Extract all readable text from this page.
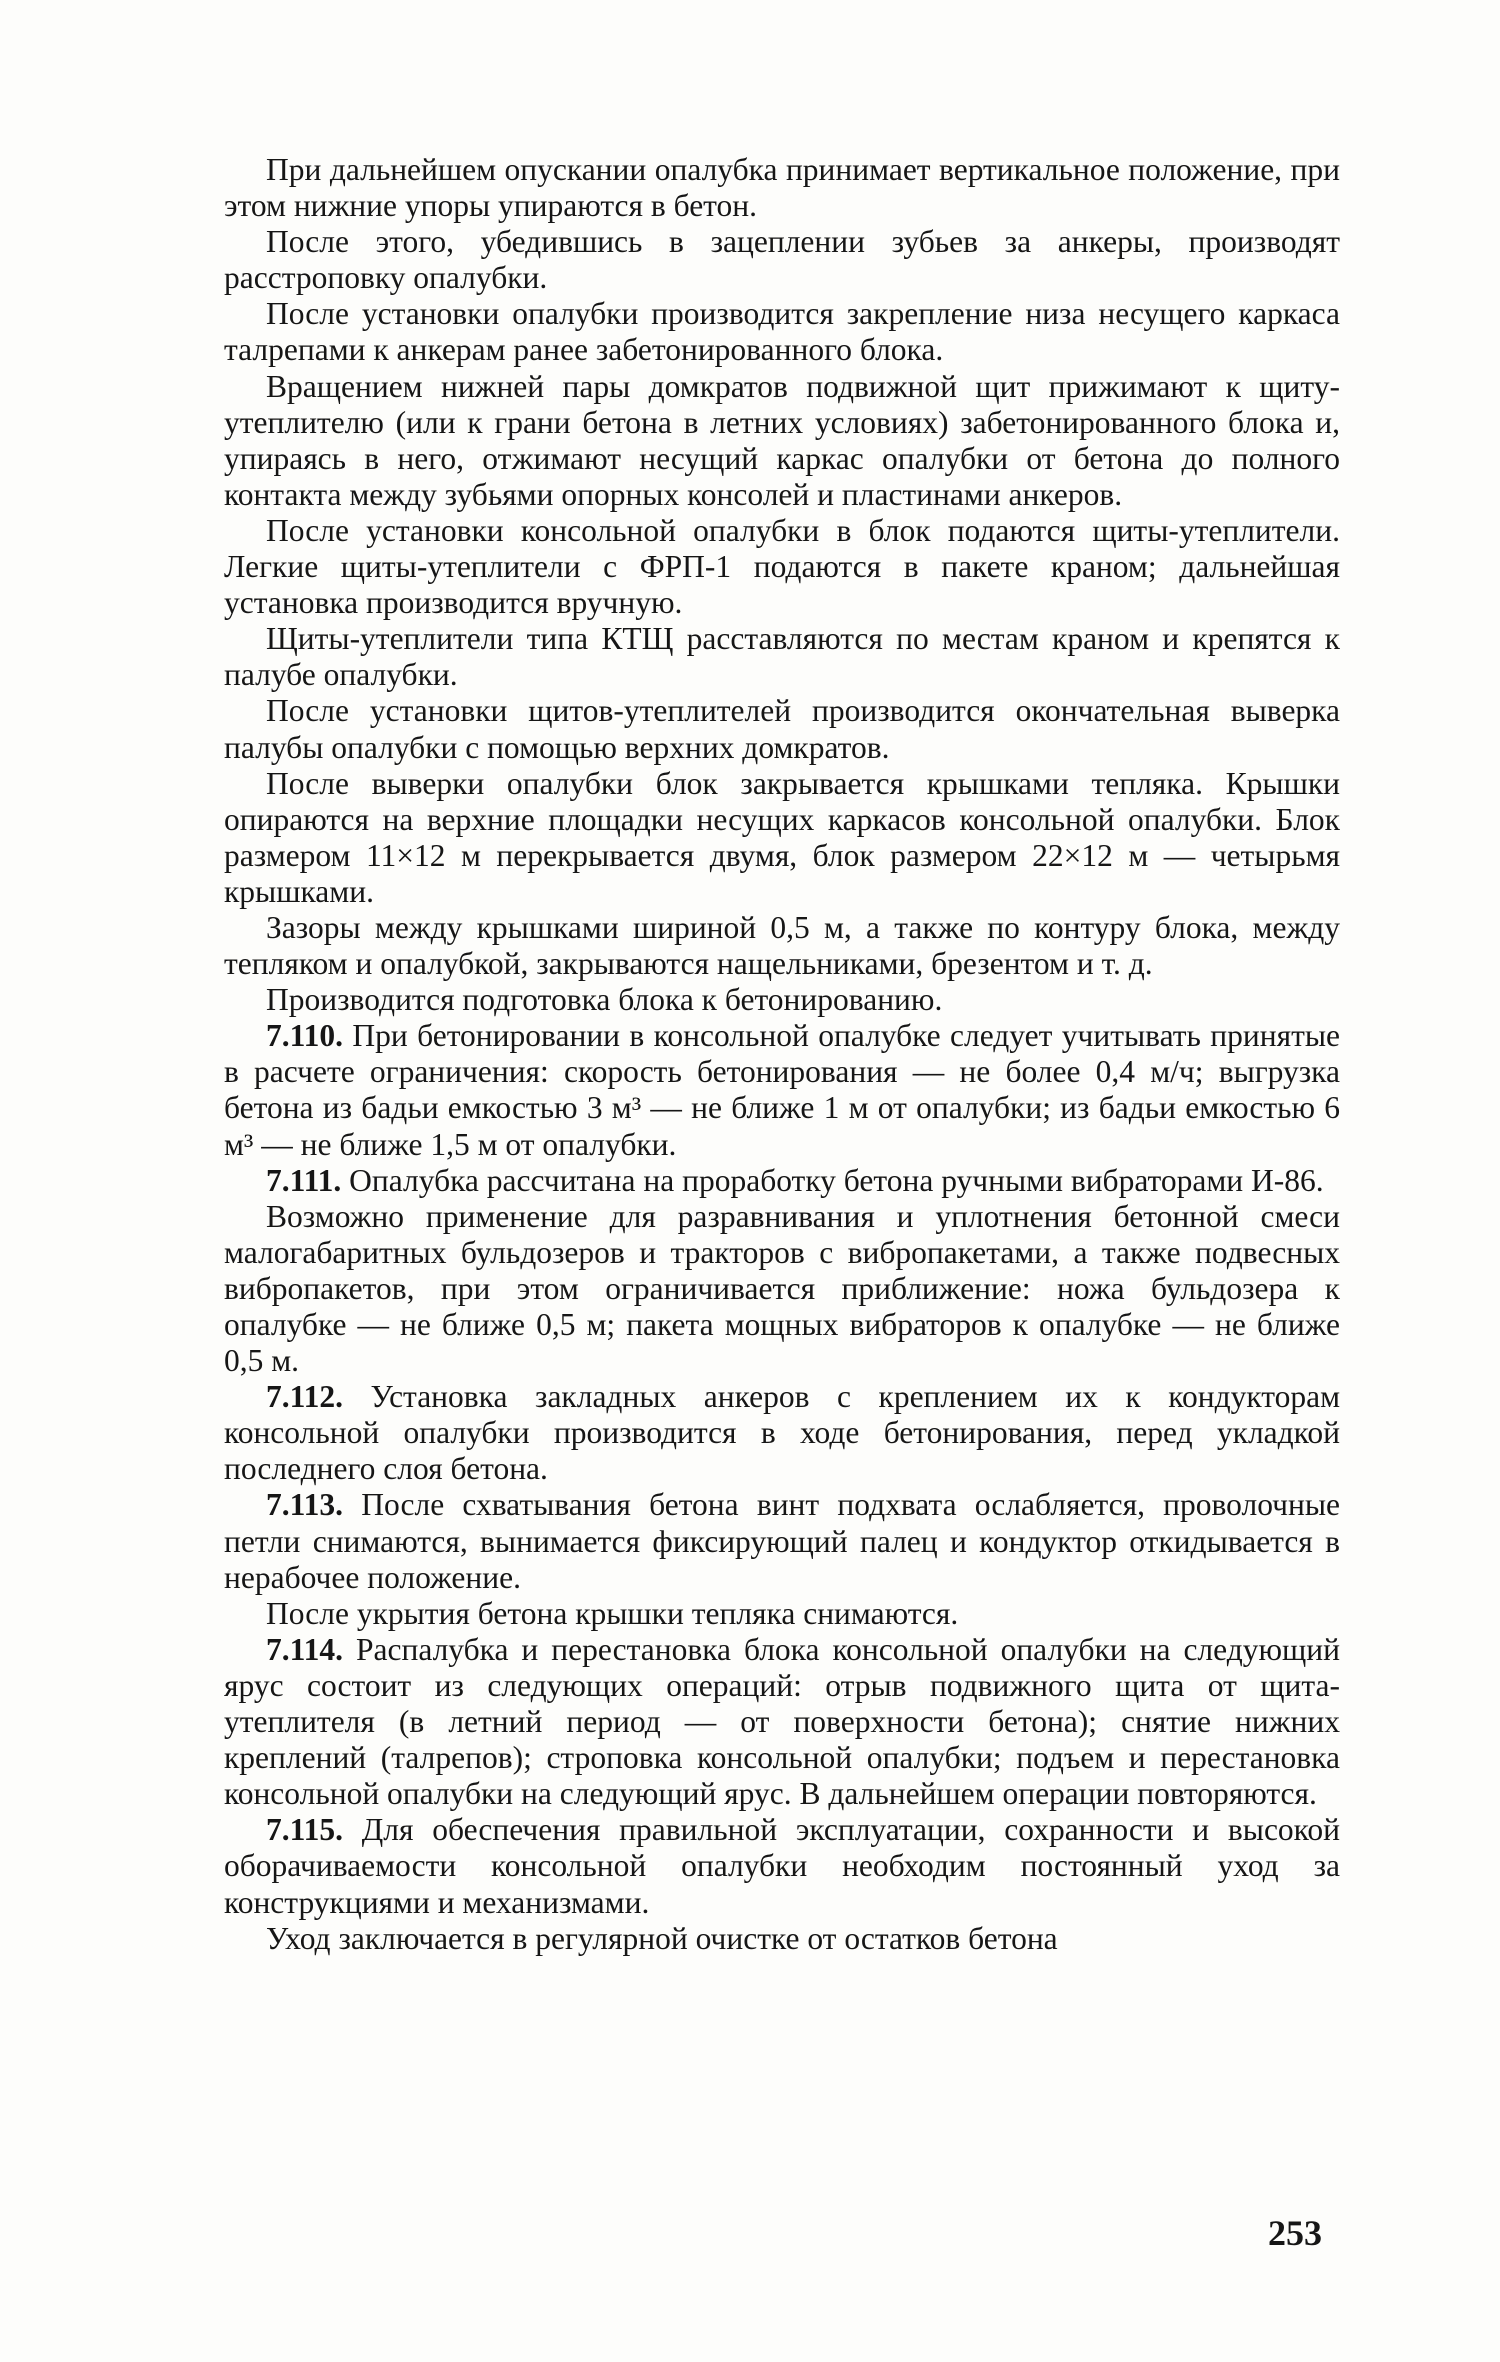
При дальнейшем опускании опалубка принимает вертикальное положение, при этом нижние упоры упираются в бетон.

После этого, убедившись в зацеплении зубьев за анкеры, производят расстроповку опалубки.

После установки опалубки производится закрепление низа несущего каркаса талрепами к анкерам ранее забетонированного блока.

Вращением нижней пары домкратов подвижной щит прижимают к щиту-утеплителю (или к грани бетона в летних условиях) забетонированного блока и, упираясь в него, отжимают несущий каркас опалубки от бетона до полного контакта между зубьями опорных консолей и пластинами анкеров.

После установки консольной опалубки в блок подаются щиты-утеплители. Легкие щиты-утеплители с ФРП-1 подаются в пакете краном; дальнейшая установка производится вручную.

Щиты-утеплители типа КТЩ расставляются по местам краном и крепятся к палубе опалубки.

После установки щитов-утеплителей производится окончательная выверка палубы опалубки с помощью верхних домкратов.

После выверки опалубки блок закрывается крышками тепляка. Крышки опираются на верхние площадки несущих каркасов консольной опалубки. Блок размером 11×12 м перекрывается двумя, блок размером 22×12 м — четырьмя крышками.

Зазоры между крышками шириной 0,5 м, а также по контуру блока, между тепляком и опалубкой, закрываются нащельниками, брезентом и т. д.

Производится подготовка блока к бетонированию.

7.110. При бетонировании в консольной опалубке следует учитывать принятые в расчете ограничения: скорость бетонирования — не более 0,4 м/ч; выгрузка бетона из бадьи емкостью 3 м³ — не ближе 1 м от опалубки; из бадьи емкостью 6 м³ — не ближе 1,5 м от опалубки.

7.111. Опалубка рассчитана на проработку бетона ручными вибраторами И-86.

Возможно применение для разравнивания и уплотнения бетонной смеси малогабаритных бульдозеров и тракторов с вибропакетами, а также подвесных вибропакетов, при этом ограничивается приближение: ножа бульдозера к опалубке — не ближе 0,5 м; пакета мощных вибраторов к опалубке — не ближе 0,5 м.

7.112. Установка закладных анкеров с креплением их к кондукторам консольной опалубки производится в ходе бетонирования, перед укладкой последнего слоя бетона.

7.113. После схватывания бетона винт подхвата ослабляется, проволочные петли снимаются, вынимается фиксирующий палец и кондуктор откидывается в нерабочее положение.

После укрытия бетона крышки тепляка снимаются.

7.114. Распалубка и перестановка блока консольной опалубки на следующий ярус состоит из следующих операций: отрыв подвижного щита от щита-утеплителя (в летний период — от поверхности бетона); снятие нижних креплений (талрепов); строповка консольной опалубки; подъем и перестановка консольной опалубки на следующий ярус. В дальнейшем операции повторяются.

7.115. Для обеспечения правильной эксплуатации, сохранности и высокой оборачиваемости консольной опалубки необходим постоянный уход за конструкциями и механизмами.

Уход заключается в регулярной очистке от остатков бетона

253
